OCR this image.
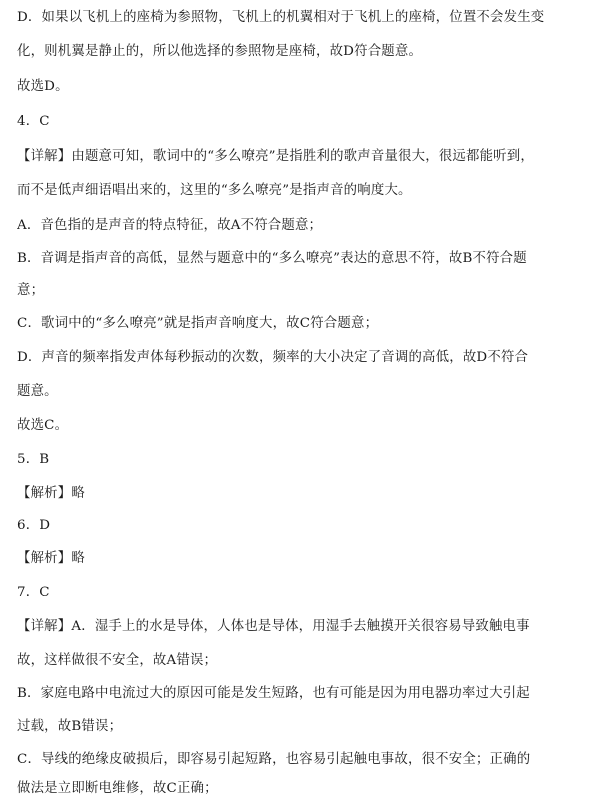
D．如果以飞机上的座椅为参照物，飞机上的机翼相对于飞机上的座椅，位置不会发生变
化，则机翼是静止的，所以他选择的参照物是座椅，故D符合题意。
故选D。
4．C
【详解】由题意可知，歌词中的“多么嘹亮”是指胜利的歌声音量很大，很远都能听到，
而不是低声细语唱出来的，这里的“多么嘹亮”是指声音的响度大。
A．音色指的是声音的特点特征，故A不符合题意；
B．音调是指声音的高低，显然与题意中的“多么嘹亮”表达的意思不符，故B不符合题
意；
C．歌词中的“多么嘹亮”就是指声音响度大，故C符合题意；
D．声音的频率指发声体每秒振动的次数，频率的大小决定了音调的高低，故D不符合
题意。
故选C。
5．B
【解析】略
6．D
【解析】略
7．C
【详解】A．湿手上的水是导体，人体也是导体，用湿手去触摸开关很容易导致触电事
故，这样做很不安全，故A错误；
B．家庭电路中电流过大的原因可能是发生短路，也有可能是因为用电器功率过大引起
过载，故B错误；
C．导线的绝缘皮破损后，即容易引起短路，也容易引起触电事故，很不安全；正确的
做法是立即断电维修，故C正确；
